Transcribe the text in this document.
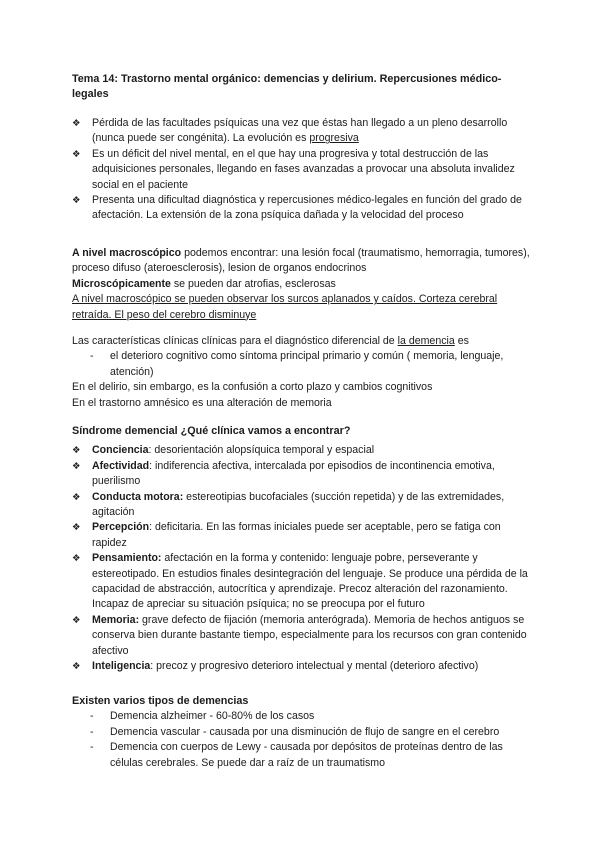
Tema 14: Trastorno mental orgánico: demencias y delirium. Repercusiones médico-legales
❖	Pérdida de las facultades psíquicas una vez que éstas han llegado a un pleno desarrollo (nunca puede ser congénita). La evolución es progresiva
❖	Es un déficit del nivel mental, en el que hay una progresiva y total destrucción de las adquisiciones personales, llegando en fases avanzadas a provocar una absoluta invalidez social en el paciente
❖	Presenta una dificultad diagnóstica y repercusiones médico-legales en función del grado de afectación. La extensión de la zona psíquica dañada y la velocidad del proceso

A nivel macroscópico podemos encontrar: una lesión focal (traumatismo, hemorragia, tumores), proceso difuso (ateroesclerosis), lesion de organos endocrinos

Microscópicamente se pueden dar atrofias, esclerosas

A nivel macroscópico se pueden observar los surcos aplanados y caídos. Corteza cerebral retraída. El peso del cerebro disminuye

Las características clínicas clínicas para el diagnóstico diferencial de la demencia es

- el deterioro cognitivo como síntoma principal primario y común ( memoria, lenguaje, atención)

En el delirio, sin embargo, es la confusión a corto plazo y cambios cognitivos

En el trastorno amnésico es una alteración de memoria

Síndrome demencial ¿Qué clínica vamos a encontrar?

❖	Conciencia: desorientación alopsíquica temporal y espacial
❖	Afectividad: indiferencia afectiva, intercalada por episodios de incontinencia emotiva, puerilismo
❖	Conducta motora: estereotipias bucofaciales (succión repetida) y de las extremidades, agitación
❖	Percepción: deficitaria. En las formas iniciales puede ser aceptable, pero se fatiga con rapidez
❖	Pensamiento: afectación en la forma y contenido: lenguaje pobre, perseverante y estereotipado. En estudios finales desintegración del lenguaje. Se produce una pérdida de la capacidad de abstracción, autocrítica y aprendizaje. Precoz alteración del razonamiento. Incapaz de apreciar su situación psíquica; no se preocupa por el futuro
❖	Memoria: grave defecto de fijación (memoria anterógrada). Memoria de hechos antiguos se conserva bien durante bastante tiempo, especialmente para los recursos con gran contenido afectivo
❖	Inteligencia: precoz y progresivo deterioro intelectual y mental (deterioro afectivo)

Existen varios tipos de demencias

- Demencia alzheimer - 60-80% de los casos
- Demencia vascular - causada por una disminución de flujo de sangre en el cerebro
- Demencia con cuerpos de Lewy - causada por depósitos de proteínas dentro de las células cerebrales. Se puede dar a raíz de un traumatismo
